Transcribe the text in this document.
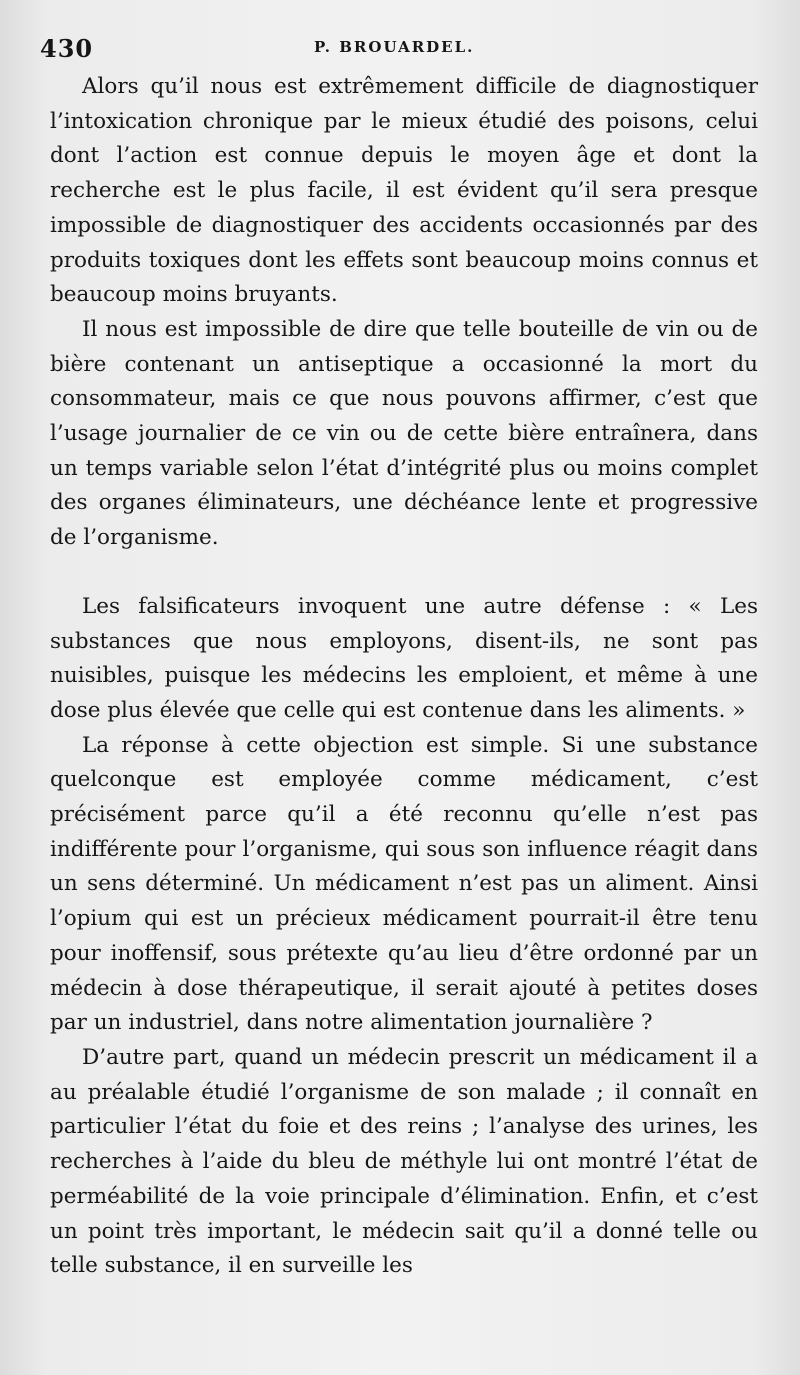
430	P. BROUARDEL.

Alors qu’il nous est extrêmement difficile de diagnostiquer l’intoxication chronique par le mieux étudié des poisons, celui dont l’action est connue depuis le moyen âge et dont la recherche est le plus facile, il est évident qu’il sera presque impossible de diagnostiquer des accidents occasionnés par des produits toxiques dont les effets sont beaucoup moins connus et beaucoup moins bruyants.

Il nous est impossible de dire que telle bouteille de vin ou de bière contenant un antiseptique a occasionné la mort du consommateur, mais ce que nous pouvons affirmer, c’est que l’usage journalier de ce vin ou de cette bière entraînera, dans un temps variable selon l’état d’intégrité plus ou moins complet des organes éliminateurs, une déchéance lente et progressive de l’organisme.

Les falsificateurs invoquent une autre défense : « Les substances que nous employons, disent-ils, ne sont pas nuisibles, puisque les médecins les emploient, et même à une dose plus élevée que celle qui est contenue dans les aliments. »

La réponse à cette objection est simple. Si une substance quelconque est employée comme médicament, c’est précisément parce qu’il a été reconnu qu’elle n’est pas indifférente pour l’organisme, qui sous son influence réagit dans un sens déterminé. Un médicament n’est pas un aliment. Ainsi l’opium qui est un précieux médicament pourrait-il être tenu pour inoffensif, sous prétexte qu’au lieu d’être ordonné par un médecin à dose thérapeutique, il serait ajouté à petites doses par un industriel, dans notre alimentation journalière ?

D’autre part, quand un médecin prescrit un médicament il a au préalable étudié l’organisme de son malade ; il connaît en particulier l’état du foie et des reins ; l’analyse des urines, les recherches à l’aide du bleu de méthyle lui ont montré l’état de perméabilité de la voie principale d’élimination. Enfin, et c’est un point très important, le médecin sait qu’il a donné telle ou telle substance, il en surveille les
